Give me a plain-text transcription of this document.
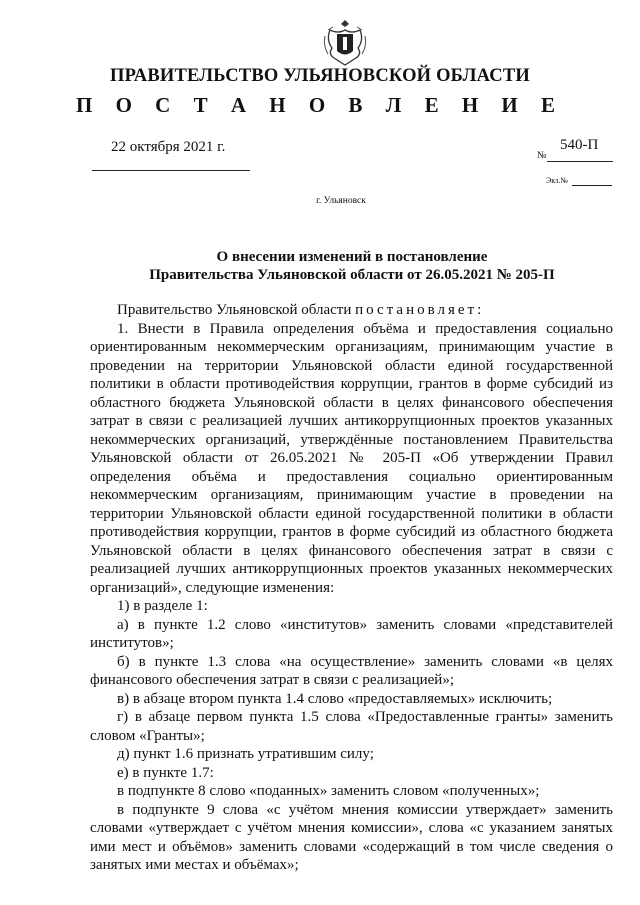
ПРАВИТЕЛЬСТВО УЛЬЯНОВСКОЙ ОБЛАСТИ
П О С Т А Н О В Л Е Н И Е
22 октября 2021 г.
№
540-П
Экз.№
г. Ульяновск
О внесении изменений в постановление
Правительства Ульяновской области от 26.05.2021 № 205-П

Правительство Ульяновской области постановляет:

1. Внести в Правила определения объёма и предоставления социально ориентированным некоммерческим организациям, принимающим участие в проведении на территории Ульяновской области единой государственной политики в области противодействия коррупции, грантов в форме субсидий из областного бюджета Ульяновской области в целях финансового обеспечения затрат в связи с реализацией лучших антикоррупционных проектов указанных некоммерческих организаций, утверждённые постановлением Правительства Ульяновской области от 26.05.2021 № 205-П «Об утверждении Правил определения объёма и предоставления социально ориентированным некоммерческим организациям, принимающим участие в проведении на территории Ульяновской области единой государственной политики в области противодействия коррупции, грантов в форме субсидий из областного бюджета Ульяновской области в целях финансового обеспечения затрат в связи с реализацией лучших антикоррупционных проектов указанных некоммерческих организаций», следующие изменения:

1) в разделе 1:

а) в пункте 1.2 слово «институтов» заменить словами «представителей институтов»;

б) в пункте 1.3 слова «на осуществление» заменить словами «в целях финансового обеспечения затрат в связи с реализацией»;

в) в абзаце втором пункта 1.4 слово «предоставляемых» исключить;

г) в абзаце первом пункта 1.5 слова «Предоставленные гранты» заменить словом «Гранты»;

д) пункт 1.6 признать утратившим силу;

е) в пункте 1.7:

в подпункте 8 слово «поданных» заменить словом «полученных»;

в подпункте 9 слова «с учётом мнения комиссии утверждает» заменить словами «утверждает с учётом мнения комиссии», слова «с указанием занятых ими мест и объёмов» заменить словами «содержащий в том числе сведения о занятых ими местах и объёмах»;
